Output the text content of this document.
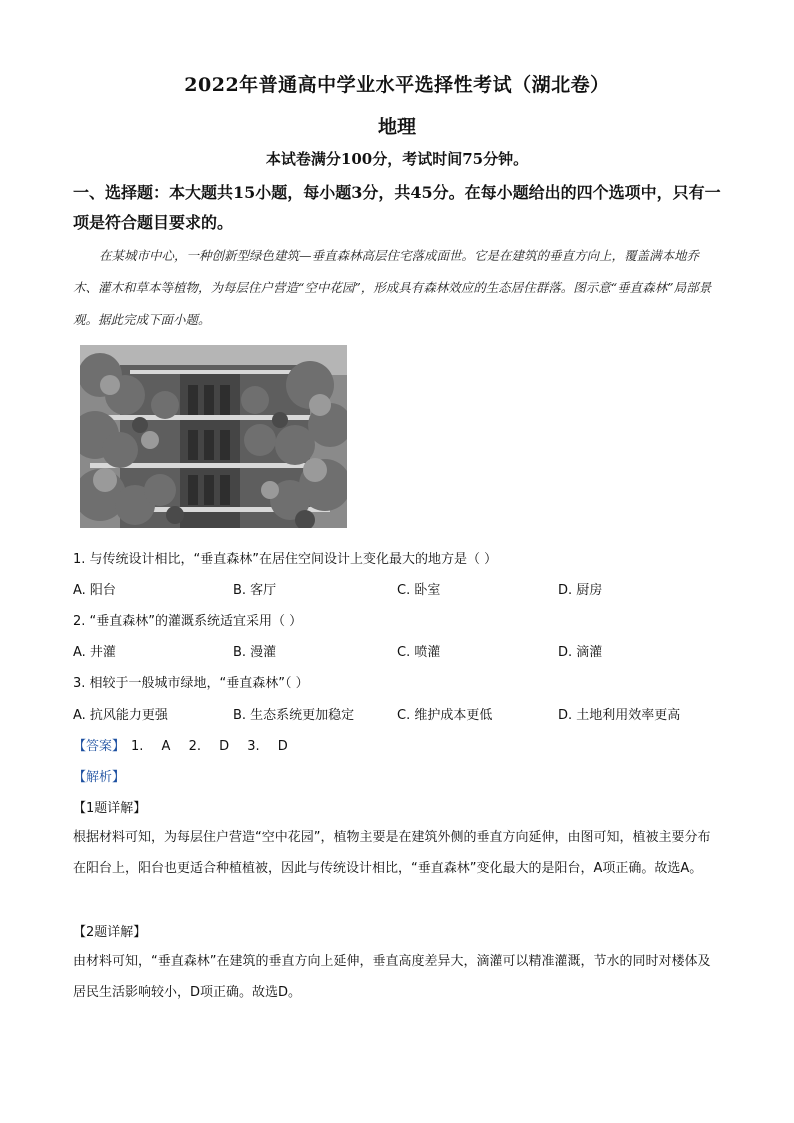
2022年普通高中学业水平选择性考试（湖北卷）
地理
本试卷满分100分，考试时间75分钟。
一、选择题：本大题共15小题，每小题3分，共45分。在每小题给出的四个选项中，只有一项是符合题目要求的。
在某城市中心，一种创新型绿色建筑—垂直森林高层住宅落成面世。它是在建筑的垂直方向上，覆盖满本地乔木、灌木和草本等植物，为每层住户营造“空中花园”，形成具有森林效应的生态居住群落。图示意“垂直森林”局部景观。据此完成下面小题。
1. 与传统设计相比，“垂直森林”在居住空间设计上变化最大的地方是（ ）
A. 阳台	B. 客厅	C. 卧室	D. 厨房
2. “垂直森林”的灌溉系统适宜采用（ ）
A. 井灌	B. 漫灌	C. 喷灌	D. 滴灌
3. 相较于一般城市绿地，“垂直森林”（ ）
A. 抗风能力更强	B. 生态系统更加稳定	C. 维护成本更低	D. 土地利用效率更高
【答案】 1. A 2. D 3. D
【解析】
【1题详解】
根据材料可知，为每层住户营造“空中花园”，植物主要是在建筑外侧的垂直方向延伸，由图可知，植被主要分布在阳台上，阳台也更适合种植植被，因此与传统设计相比，“垂直森林”变化最大的是阳台，A项正确。故选A。
【2题详解】
由材料可知，“垂直森林”在建筑的垂直方向上延伸，垂直高度差异大，滴灌可以精准灌溉，节水的同时对楼体及居民生活影响较小，D项正确。故选D。
